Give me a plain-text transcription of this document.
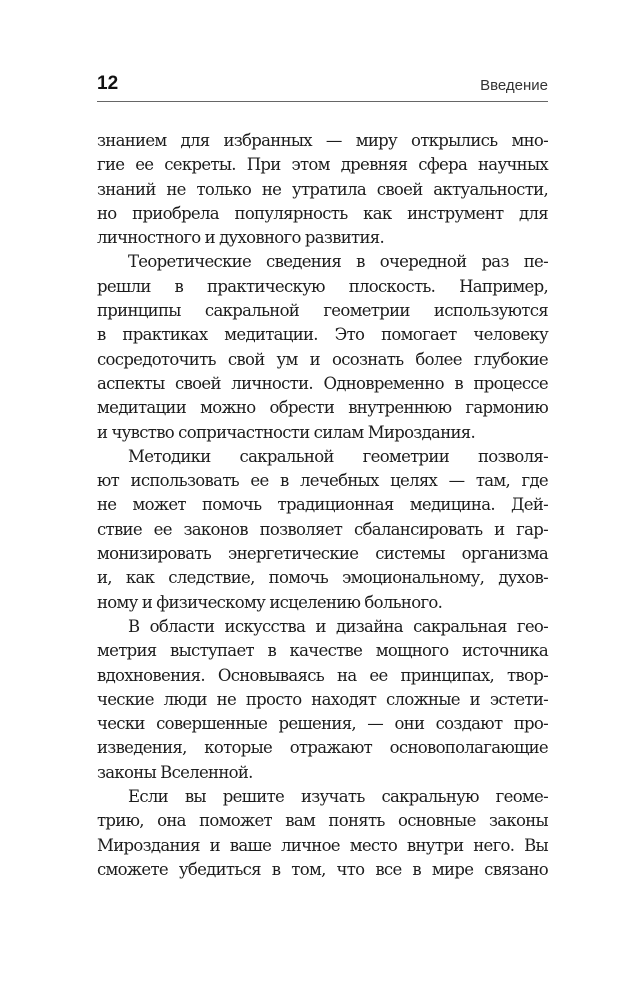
12	Введение
знанием для избранных — миру открылись мно-
гие ее секреты. При этом древняя сфера научных
знаний не только не утратила своей актуальности,
но приобрела популярность как инструмент для
личностного и духовного развития.
Теоретические сведения в очередной раз пе-
решли в практическую плоскость. Например,
принципы сакральной геометрии используются
в практиках медитации. Это помогает человеку
сосредоточить свой ум и осознать более глубокие
аспекты своей личности. Одновременно в процессе
медитации можно обрести внутреннюю гармонию
и чувство сопричастности силам Мироздания.
Методики сакральной геометрии позволя-
ют использовать ее в лечебных целях — там, где
не может помочь традиционная медицина. Дей-
ствие ее законов позволяет сбалансировать и гар-
монизировать энергетические системы организма
и, как следствие, помочь эмоциональному, духов-
ному и физическому исцелению больного.
В области искусства и дизайна сакральная гео-
метрия выступает в качестве мощного источника
вдохновения. Основываясь на ее принципах, твор-
ческие люди не просто находят сложные и эстети-
чески совершенные решения, — они создают про-
изведения, которые отражают основополагающие
законы Вселенной.
Если вы решите изучать сакральную геоме-
трию, она поможет вам понять основные законы
Мироздания и ваше личное место внутри него. Вы
сможете убедиться в том, что все в мире связано
